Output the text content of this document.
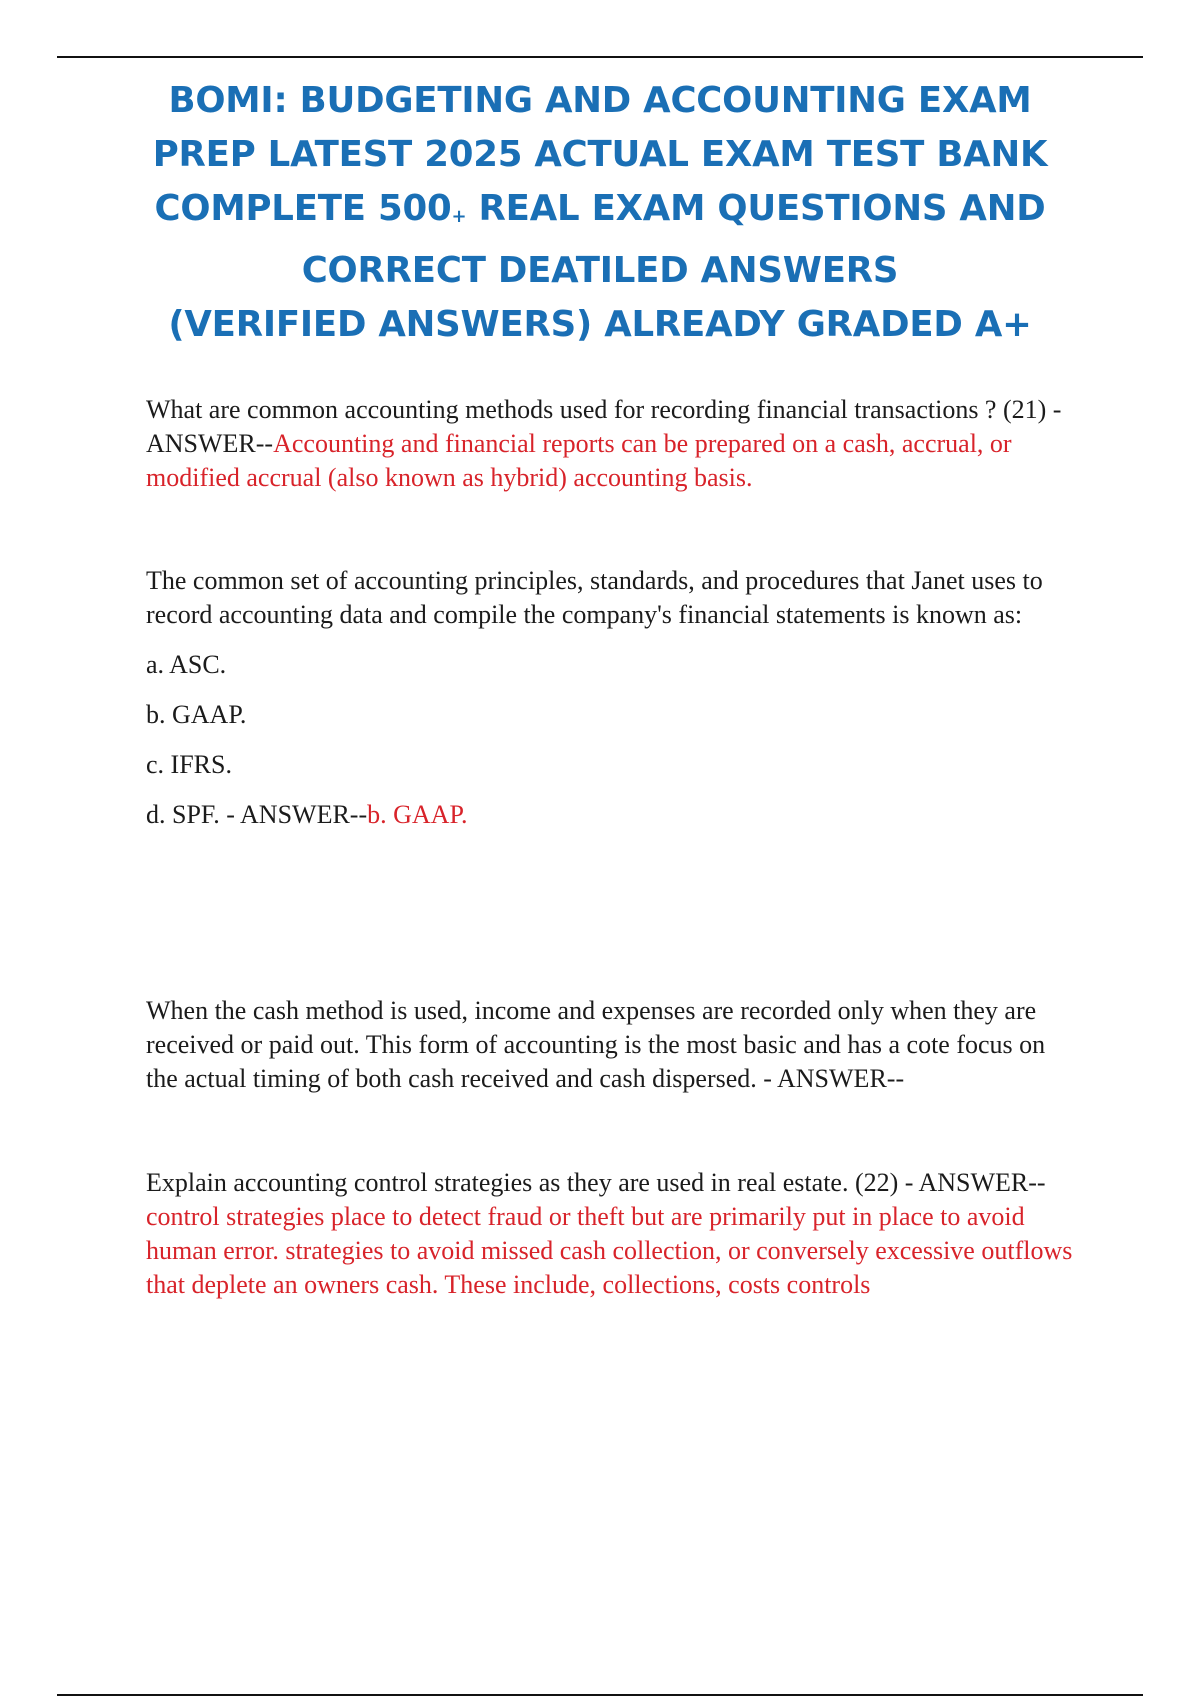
BOMI: BUDGETING AND ACCOUNTING EXAM
PREP LATEST 2025 ACTUAL EXAM TEST BANK
COMPLETE $500_+$ REAL EXAM QUESTIONS AND
CORRECT DEATILED ANSWERS
(VERIFIED ANSWERS) ALREADY GRADED A+

What are common accounting methods used for recording financial transactions ? (21) - ANSWER--Accounting and financial reports can be prepared on a cash, accrual, or modified accrual (also known as hybrid) accounting basis.

The common set of accounting principles, standards, and procedures that Janet uses to record accounting data and compile the company's financial statements is known as:

a. ASC.

b. GAAP.

c. IFRS.

d. SPF. - ANSWER--b. GAAP.

When the cash method is used, income and expenses are recorded only when they are received or paid out. This form of accounting is the most basic and has a cote focus on the actual timing of both cash received and cash dispersed. - ANSWER--

Explain accounting control strategies as they are used in real estate. (22) - ANSWER--control strategies place to detect fraud or theft but are primarily put in place to avoid human error. strategies to avoid missed cash collection, or conversely excessive outflows that deplete an owners cash. These include, collections, costs controls
